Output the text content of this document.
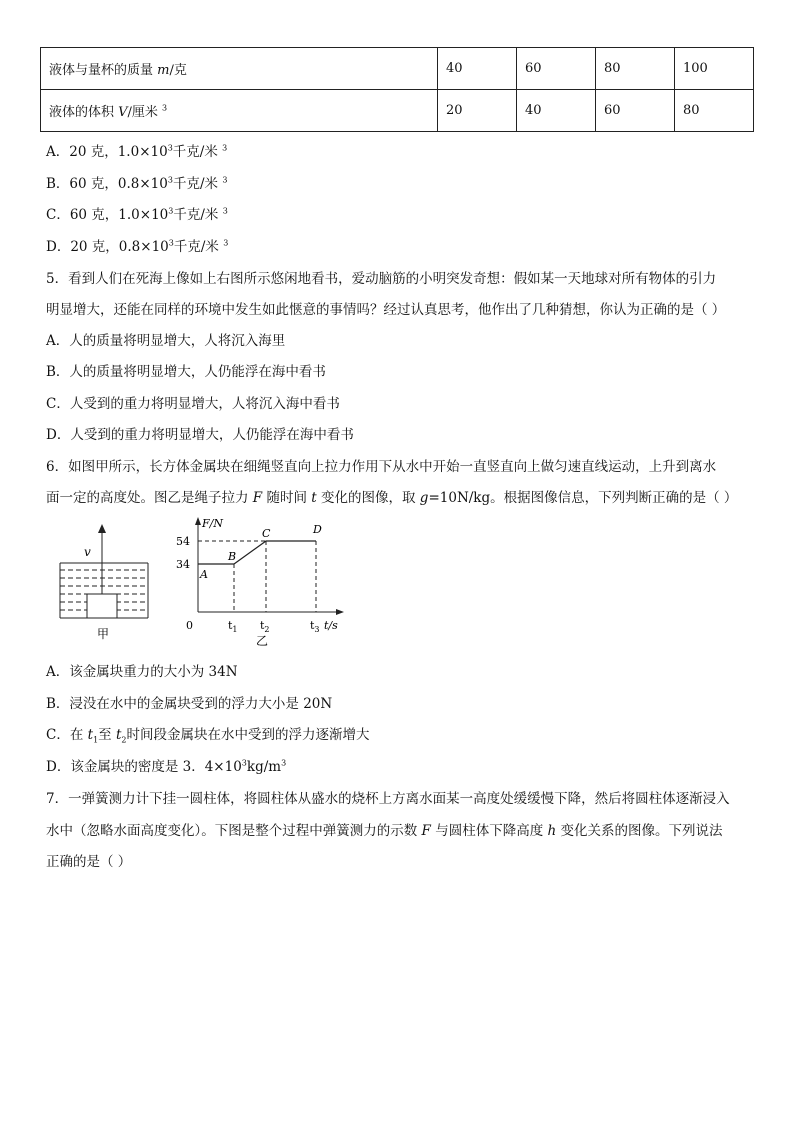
液体与量杯的质量 m/克	40	60	80	100
液体的体积 V/厘米 $^3$	20	40	60	80
A．20 克，$1.0\times 10^3$千克/米 $^3$
B．60 克，$0.8\times 10^3$千克/米 $^3$
C．60 克，$1.0\times 10^3$千克/米 $^3$
D．20 克，$0.8\times 10^3$千克/米 $^3$
5．看到人们在死海上像如上右图所示悠闲地看书，爱动脑筋的小明突发奇想：假如某一天地球对所有物体的引力
明显增大，还能在同样的环境中发生如此惬意的事情吗？经过认真思考，他作出了几种猜想，你认为正确的是（ ）
A．人的质量将明显增大，人将沉入海里
B．人的质量将明显增大，人仍能浮在海中看书
C．人受到的重力将明显增大，人将沉入海中看书
D．人受到的重力将明显增大，人仍能浮在海中看书
6．如图甲所示，长方体金属块在细绳竖直向上拉力作用下从水中开始一直竖直向上做匀速直线运动，上升到离水
面一定的高度处。图乙是绳子拉力 F 随时间 t 变化的图像，取 g=10N/kg。根据图像信息，下列判断正确的是（ ）
v
甲
F/N
t/s
54
34
0	$t_1$ $t_2$	$t_3$
A
B
C	D
乙
A．该金属块重力的大小为 34N
B．浸没在水中的金属块受到的浮力大小是 20N
C．在 $t_1$至 $t_2$时间段金属块在水中受到的浮力逐渐增大
D．该金属块的密度是 3．$4\times 10^3kg/m^3$
7．一弹簧测力计下挂一圆柱体，将圆柱体从盛水的烧杯上方离水面某一高度处缓缓慢下降，然后将圆柱体逐渐浸入
水中（忽略水面高度变化）。下图是整个过程中弹簧测力的示数 F 与圆柱体下降高度 h 变化关系的图像。下列说法
正确的是（ ）
